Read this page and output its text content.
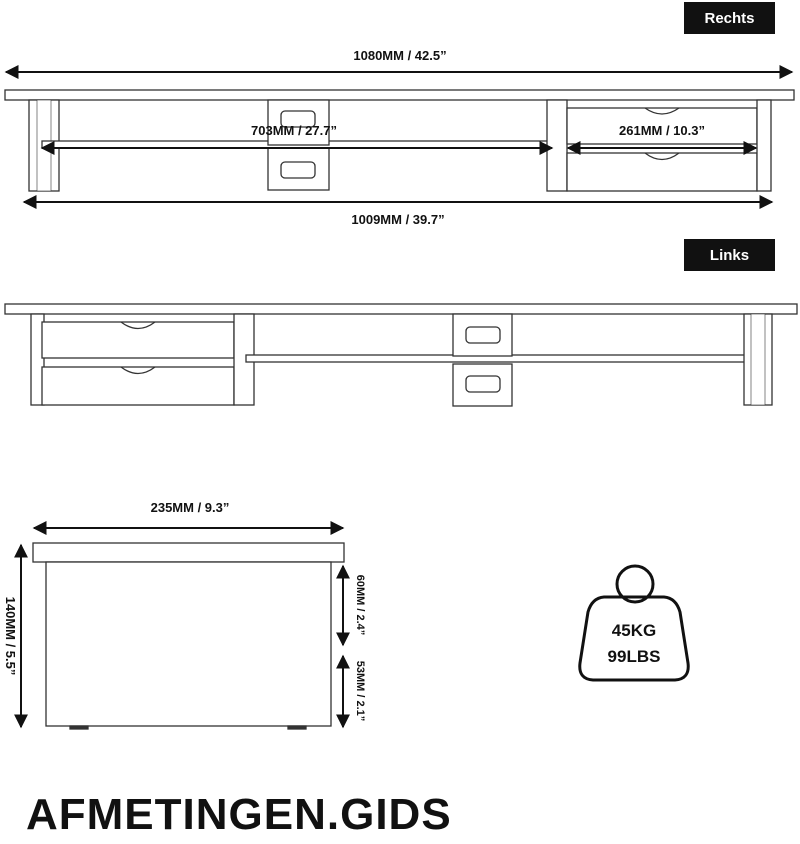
Rechts
Links
1080MM / 42.5”
703MM / 27.7”	261MM / 10.3”
1009MM / 39.7”
235MM / 9.3”
140MM / 5.5”	60MM / 2.4”
53MM / 2.1”
45KG
99LBS
AFMETINGEN.GIDS
